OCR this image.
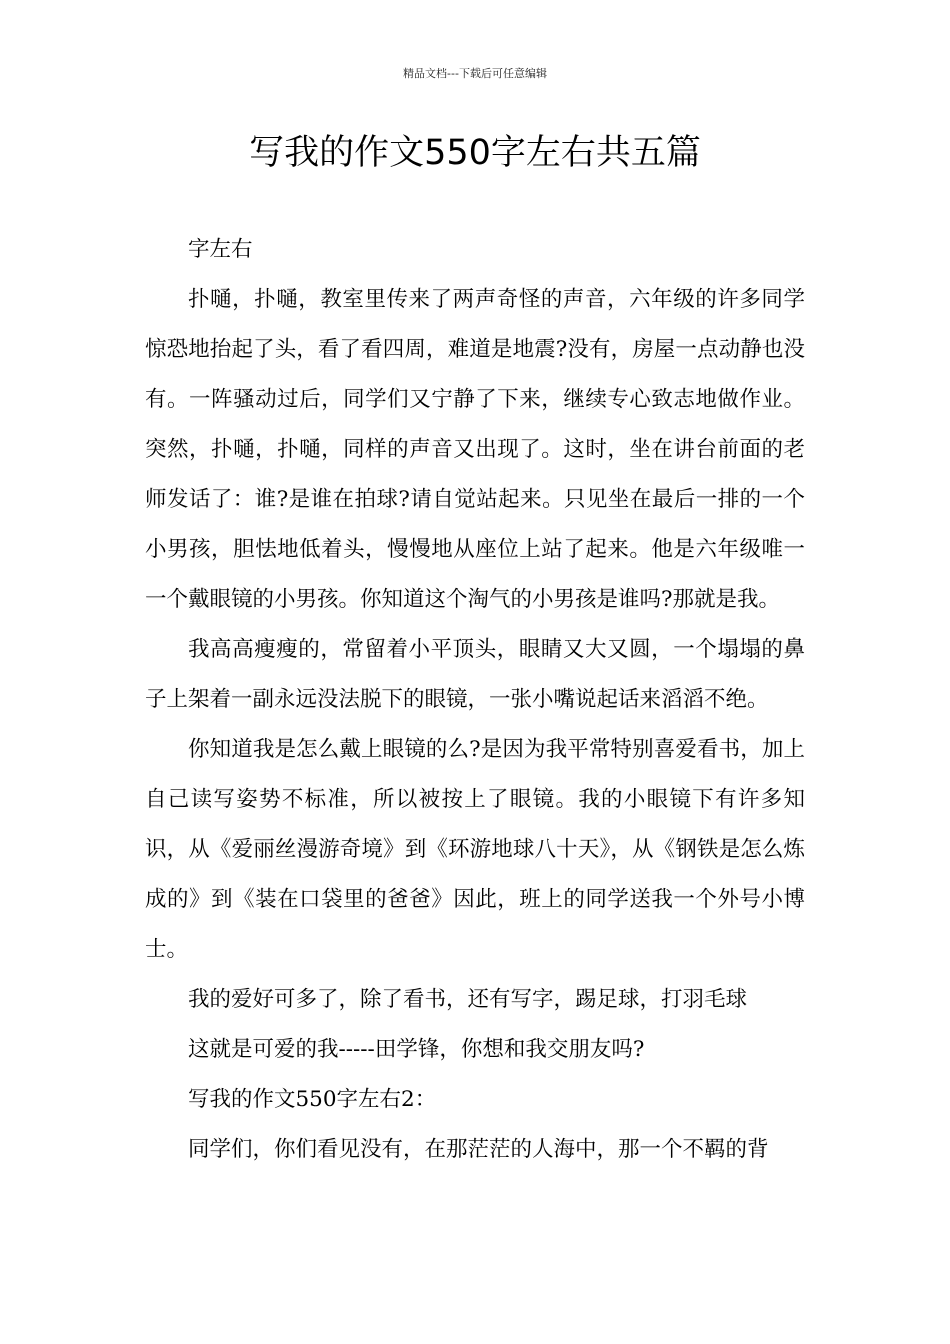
精品文档---下载后可任意编辑
写我的作文550字左右共五篇

字左右

扑嗵，扑嗵，教室里传来了两声奇怪的声音，六年级的许多同学惊恐地抬起了头，看了看四周，难道是地震?没有，房屋一点动静也没有。一阵骚动过后，同学们又宁静了下来，继续专心致志地做作业。突然，扑嗵，扑嗵，同样的声音又出现了。这时，坐在讲台前面的老师发话了：谁?是谁在拍球?请自觉站起来。只见坐在最后一排的一个小男孩，胆怯地低着头，慢慢地从座位上站了起来。他是六年级唯一一个戴眼镜的小男孩。你知道这个淘气的小男孩是谁吗?那就是我。

我高高瘦瘦的，常留着小平顶头，眼睛又大又圆，一个塌塌的鼻子上架着一副永远没法脱下的眼镜，一张小嘴说起话来滔滔不绝。

你知道我是怎么戴上眼镜的么?是因为我平常特别喜爱看书，加上自己读写姿势不标准，所以被按上了眼镜。我的小眼镜下有许多知识，从《爱丽丝漫游奇境》到《环游地球八十天》，从《钢铁是怎么炼成的》到《装在口袋里的爸爸》因此，班上的同学送我一个外号小博士。

我的爱好可多了，除了看书，还有写字，踢足球，打羽毛球

这就是可爱的我-----田学锋，你想和我交朋友吗?

写我的作文550字左右2：

同学们，你们看见没有，在那茫茫的人海中，那一个不羁的背
